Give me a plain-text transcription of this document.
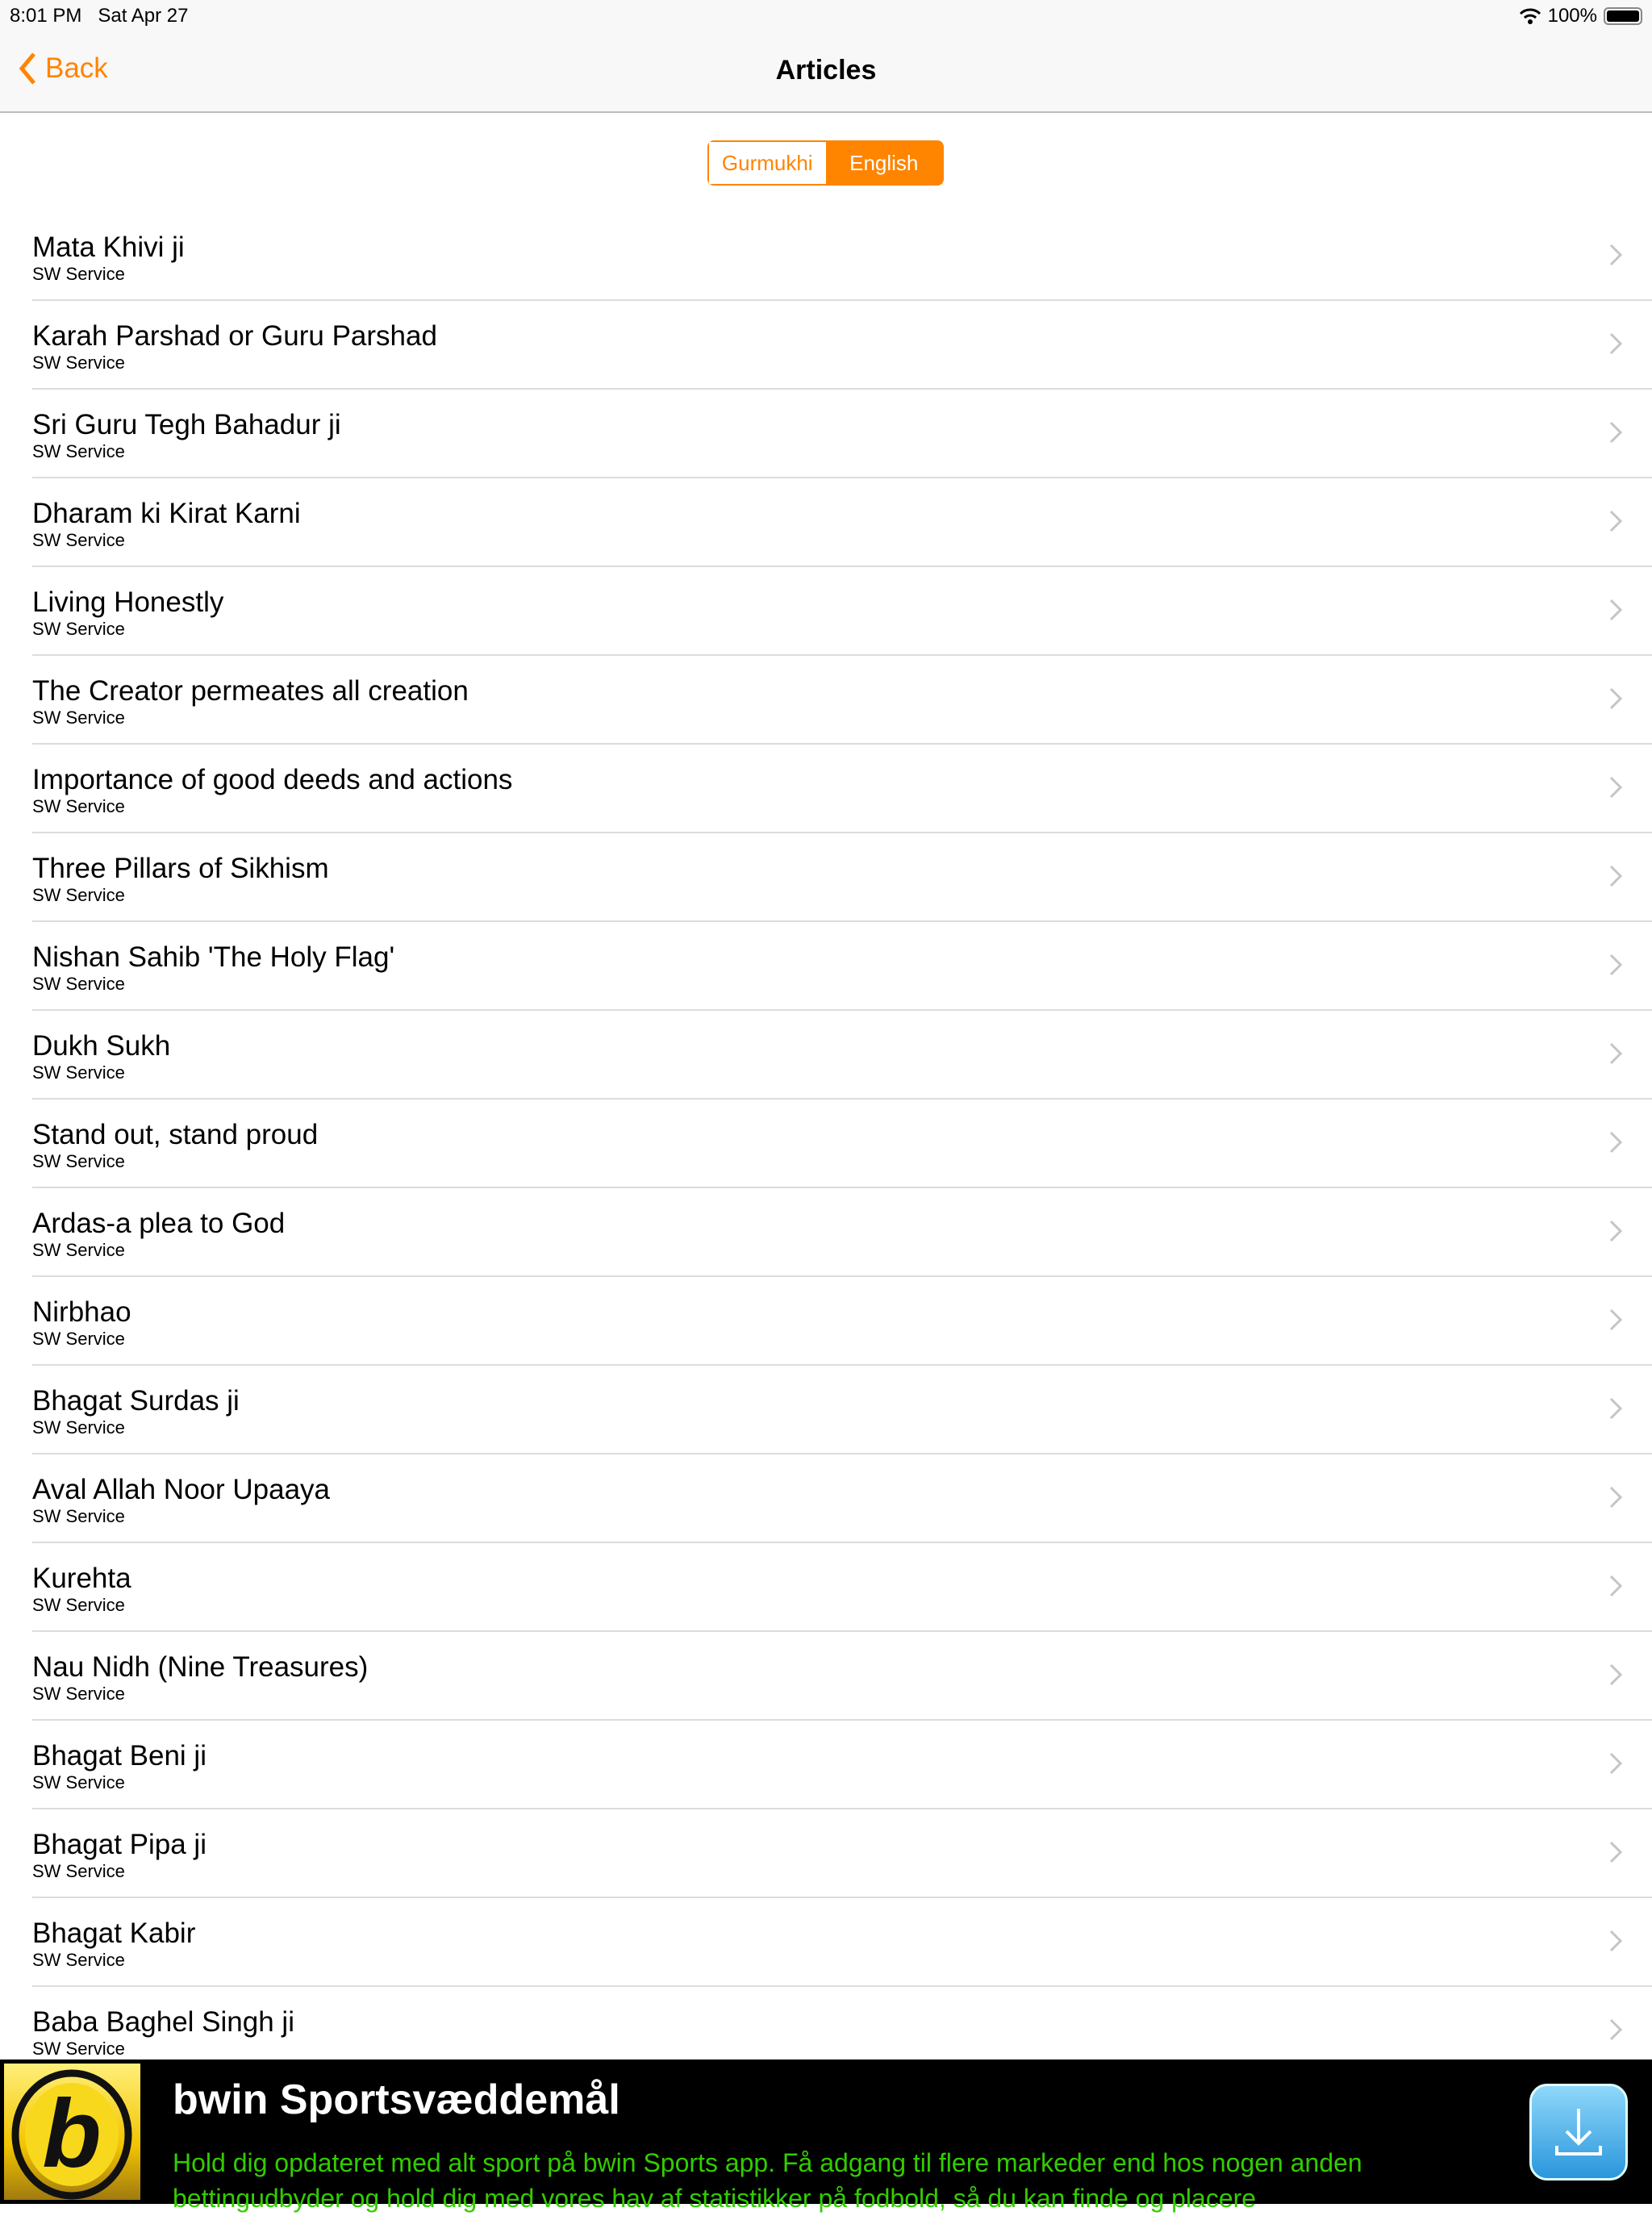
8:01 PM Sat Apr 27	100%
Back	Articles
Gurmukhi	English
Mata Khivi ji
SW Service
Karah Parshad or Guru Parshad
SW Service
Sri Guru Tegh Bahadur ji
SW Service
Dharam ki Kirat Karni
SW Service
Living Honestly
SW Service
The Creator permeates all creation
SW Service
Importance of good deeds and actions
SW Service
Three Pillars of Sikhism
SW Service
Nishan Sahib 'The Holy Flag'
SW Service
Dukh Sukh
SW Service
Stand out, stand proud
SW Service
Ardas-a plea to God
SW Service
Nirbhao
SW Service
Bhagat Surdas ji
SW Service
Aval Allah Noor Upaaya
SW Service
Kurehta
SW Service
Nau Nidh (Nine Treasures)
SW Service
Bhagat Beni ji
SW Service
Bhagat Pipa ji
SW Service
Bhagat Kabir
SW Service
Baba Baghel Singh ji
SW Service
b bwin Sportsvæddemål
Hold dig opdateret med alt sport på bwin Sports app. Få adgang til flere markeder end hos nogen anden bettingudbyder og hold dig med vores hav af statistikker på fodbold, så du kan finde og placere
